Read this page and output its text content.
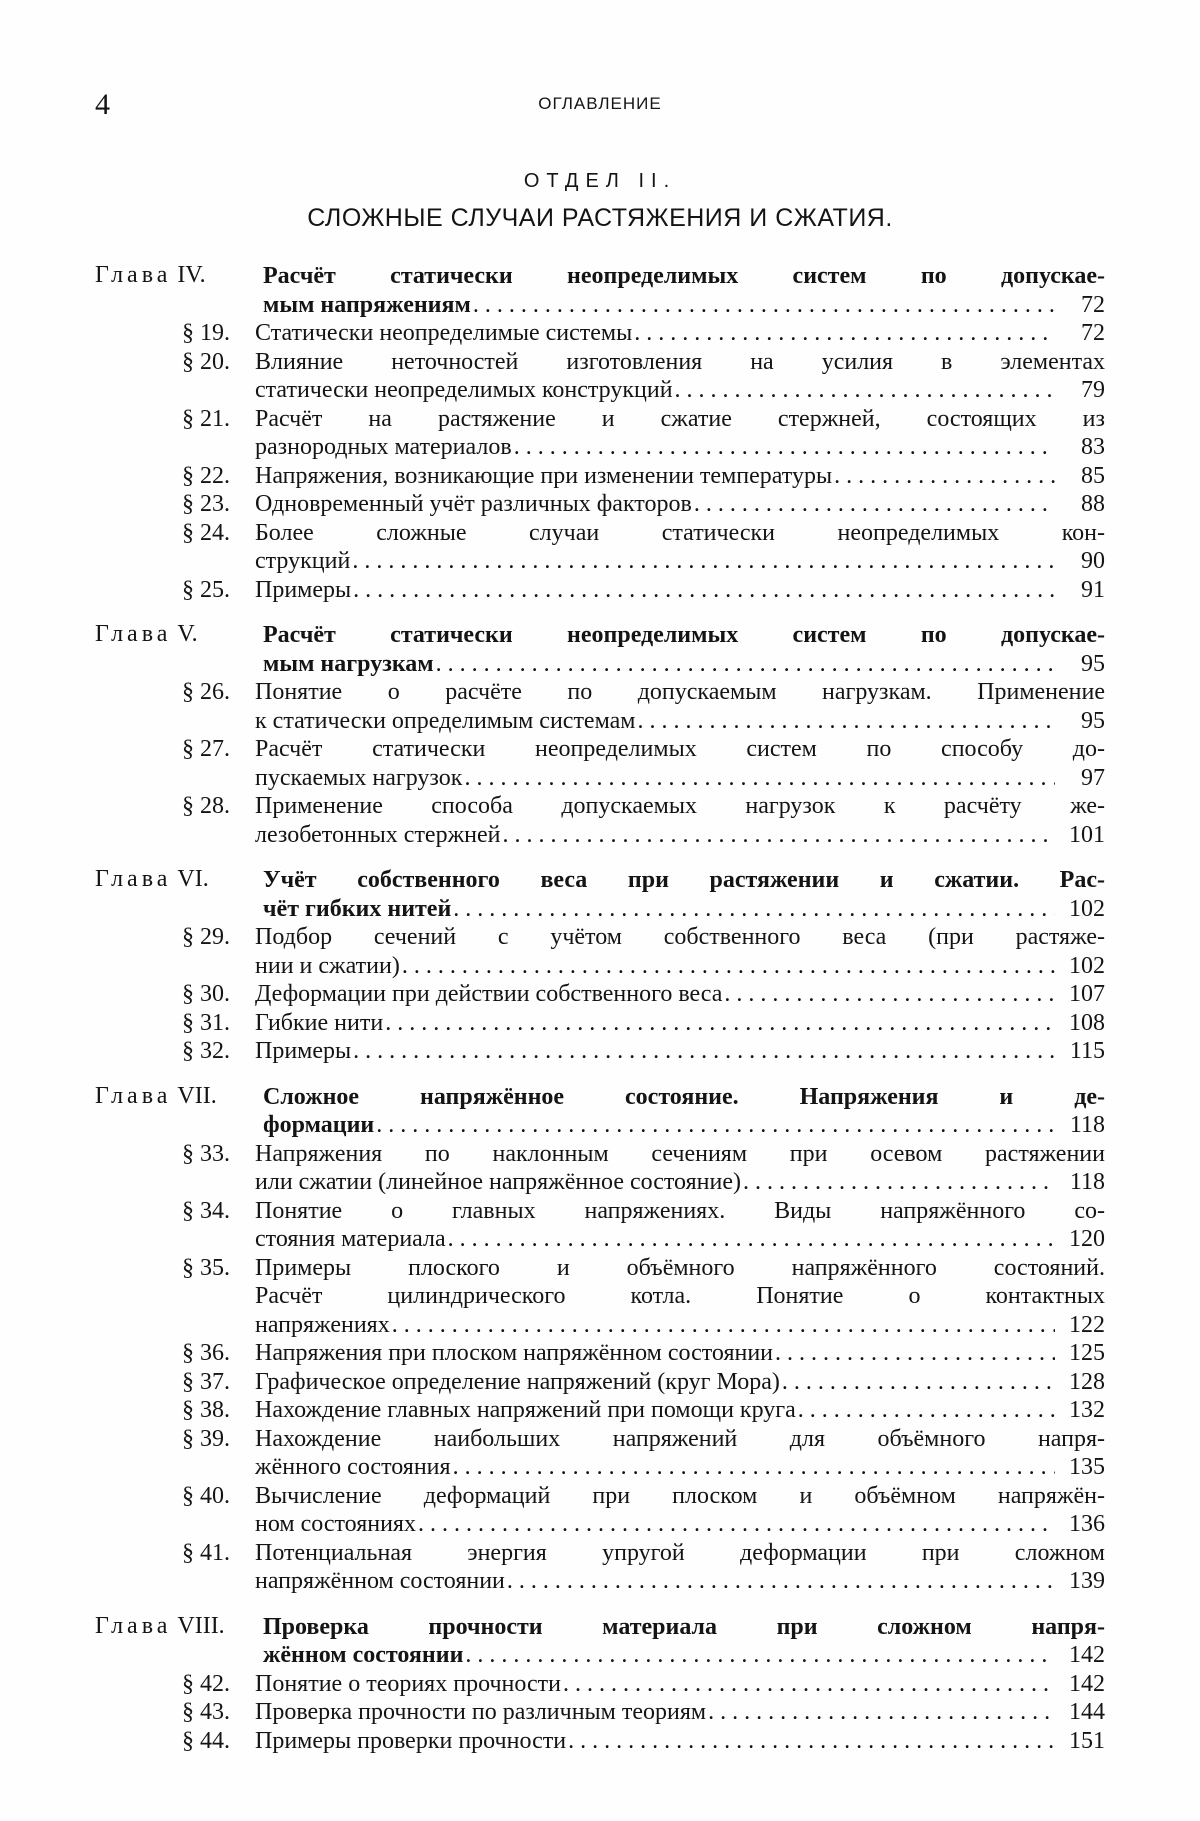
4	ОГЛАВЛЕНИЕ
ОТДЕЛ II.
СЛОЖНЫЕ СЛУЧАИ РАСТЯЖЕНИЯ И СЖАТИЯ.
Глава IV.	Расчёт статически неопределимых систем по допускае-
мым напряжениям . . .	72
§ 19. Статически неопределимые системы . . .	72
§ 20. Влияние неточностей изготовления на усилия в элементах
статически неопределимых конструкций . . .	79
§ 21. Расчёт на растяжение и сжатие стержней, состоящих из
разнородных материалов . . .	83
§ 22. Напряжения, возникающие при изменении температуры . . .	85
§ 23. Одновременный учёт различных факторов . . .	88
§ 24. Более сложные случаи статически неопределимых кон-
струкций . . .	90
§ 25. Примеры . . .	91
Глава V.	Расчёт статически неопределимых систем по допускае-
мым нагрузкам . . .	95
§ 26. Понятие о расчёте по допускаемым нагрузкам. Применение
к статически определимым системам . . .	95
§ 27. Расчёт статически неопределимых систем по способу до-
пускаемых нагрузок . . .	97
§ 28. Применение способа допускаемых нагрузок к расчёту же-
лезобетонных стержней . . .	101
Глава VI.	Учёт собственного веса при растяжении и сжатии. Рас-
чёт гибких нитей . . .	102
§ 29. Подбор сечений с учётом собственного веса (при растяже-
нии и сжатии) . . .	102
§ 30. Деформации при действии собственного веса . . .	107
§ 31. Гибкие нити . . .	108
§ 32. Примеры . . .	115
Глава VII.	Сложное напряжённое состояние. Напряжения и де-
формации . . .	118
§ 33. Напряжения по наклонным сечениям при осевом растяжении
или сжатии (линейное напряжённое состояние) . . .	118
§ 34. Понятие о главных напряжениях. Виды напряжённого со-
стояния материала . . .	120
§ 35. Примеры плоского и объёмного напряжённого состояний.
Расчёт цилиндрического котла. Понятие о контактных
напряжениях . . .	122
§ 36. Напряжения при плоском напряжённом состоянии . . .	125
§ 37. Графическое определение напряжений (круг Мора) . . .	128
§ 38. Нахождение главных напряжений при помощи круга . . .	132
§ 39. Нахождение наибольших напряжений для объёмного напря-
жённого состояния . . .	135
§ 40. Вычисление деформаций при плоском и объёмном напряжён-
ном состояниях . . .	136
§ 41. Потенциальная энергия упругой деформации при сложном
напряжённом состоянии . . .	139
Глава VIII.	Проверка прочности материала при сложном напря-
жённом состоянии . . .	142
§ 42. Понятие о теориях прочности . . .	142
§ 43. Проверка прочности по различным теориям . . .	144
§ 44. Примеры проверки прочности . . .	151
